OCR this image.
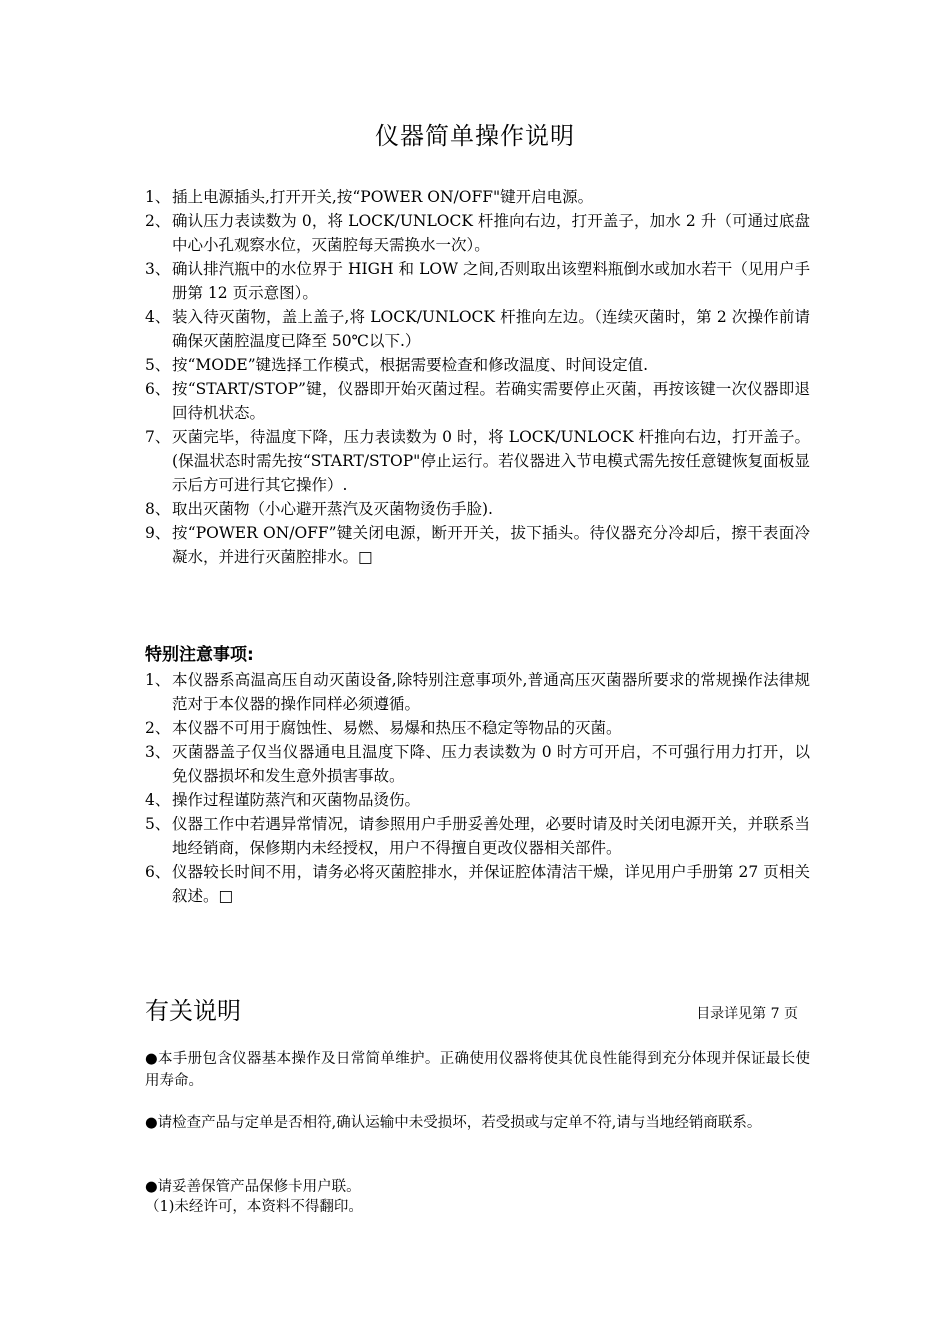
仪器简单操作说明
1、 插上电源插头,打开开关,按“POWER ON/OFF"键开启电源。
2、 确认压力表读数为 0，将 LOCK/UNLOCK 杆推向右边，打开盖子，加水 2 升（可通过底盘中心小孔观察水位，灭菌腔每天需换水一次）。
3、 确认排汽瓶中的水位界于 HIGH 和 LOW 之间,否则取出该塑料瓶倒水或加水若干（见用户手册第 12 页示意图）。
4、 装入待灭菌物，盖上盖子,将 LOCK/UNLOCK 杆推向左边。（连续灭菌时，第 2 次操作前请确保灭菌腔温度已降至 50℃以下.）
5、 按“MODE”键选择工作模式，根据需要检查和修改温度、时间设定值.
6、 按“START/STOP”键，仪器即开始灭菌过程。若确实需要停止灭菌，再按该键一次仪器即退回待机状态。
7、 灭菌完毕，待温度下降，压力表读数为 0 时，将 LOCK/UNLOCK 杆推向右边，打开盖子。(保温状态时需先按“START/STOP"停止运行。若仪器进入节电模式需先按任意键恢复面板显示后方可进行其它操作）.
8、 取出灭菌物（小心避开蒸汽及灭菌物烫伤手脸).
9、 按“POWER ON/OFF”键关闭电源，断开开关，拔下插头。待仪器充分冷却后，擦干表面冷凝水，并进行灭菌腔排水。□
特别注意事项:
1、 本仪器系高温高压自动灭菌设备,除特别注意事项外,普通高压灭菌器所要求的常规操作法律规范对于本仪器的操作同样必须遵循。
2、 本仪器不可用于腐蚀性、易燃、易爆和热压不稳定等物品的灭菌。
3、 灭菌器盖子仅当仪器通电且温度下降、压力表读数为 0 时方可开启，不可强行用力打开，以免仪器损坏和发生意外损害事故。
4、 操作过程谨防蒸汽和灭菌物品烫伤。
5、 仪器工作中若遇异常情况，请参照用户手册妥善处理，必要时请及时关闭电源开关，并联系当地经销商，保修期内未经授权，用户不得擅自更改仪器相关部件。
6、 仪器较长时间不用，请务必将灭菌腔排水，并保证腔体清洁干燥，详见用户手册第 27 页相关叙述。□
有关说明	目录详见第 7 页

●本手册包含仪器基本操作及日常简单维护。正确使用仪器将使其优良性能得到充分体现并保证最长使用寿命。

●请检查产品与定单是否相符,确认运输中未受损坏，若受损或与定单不符,请与当地经销商联系。

●请妥善保管产品保修卡用户联。

（1)未经许可，本资料不得翻印。
